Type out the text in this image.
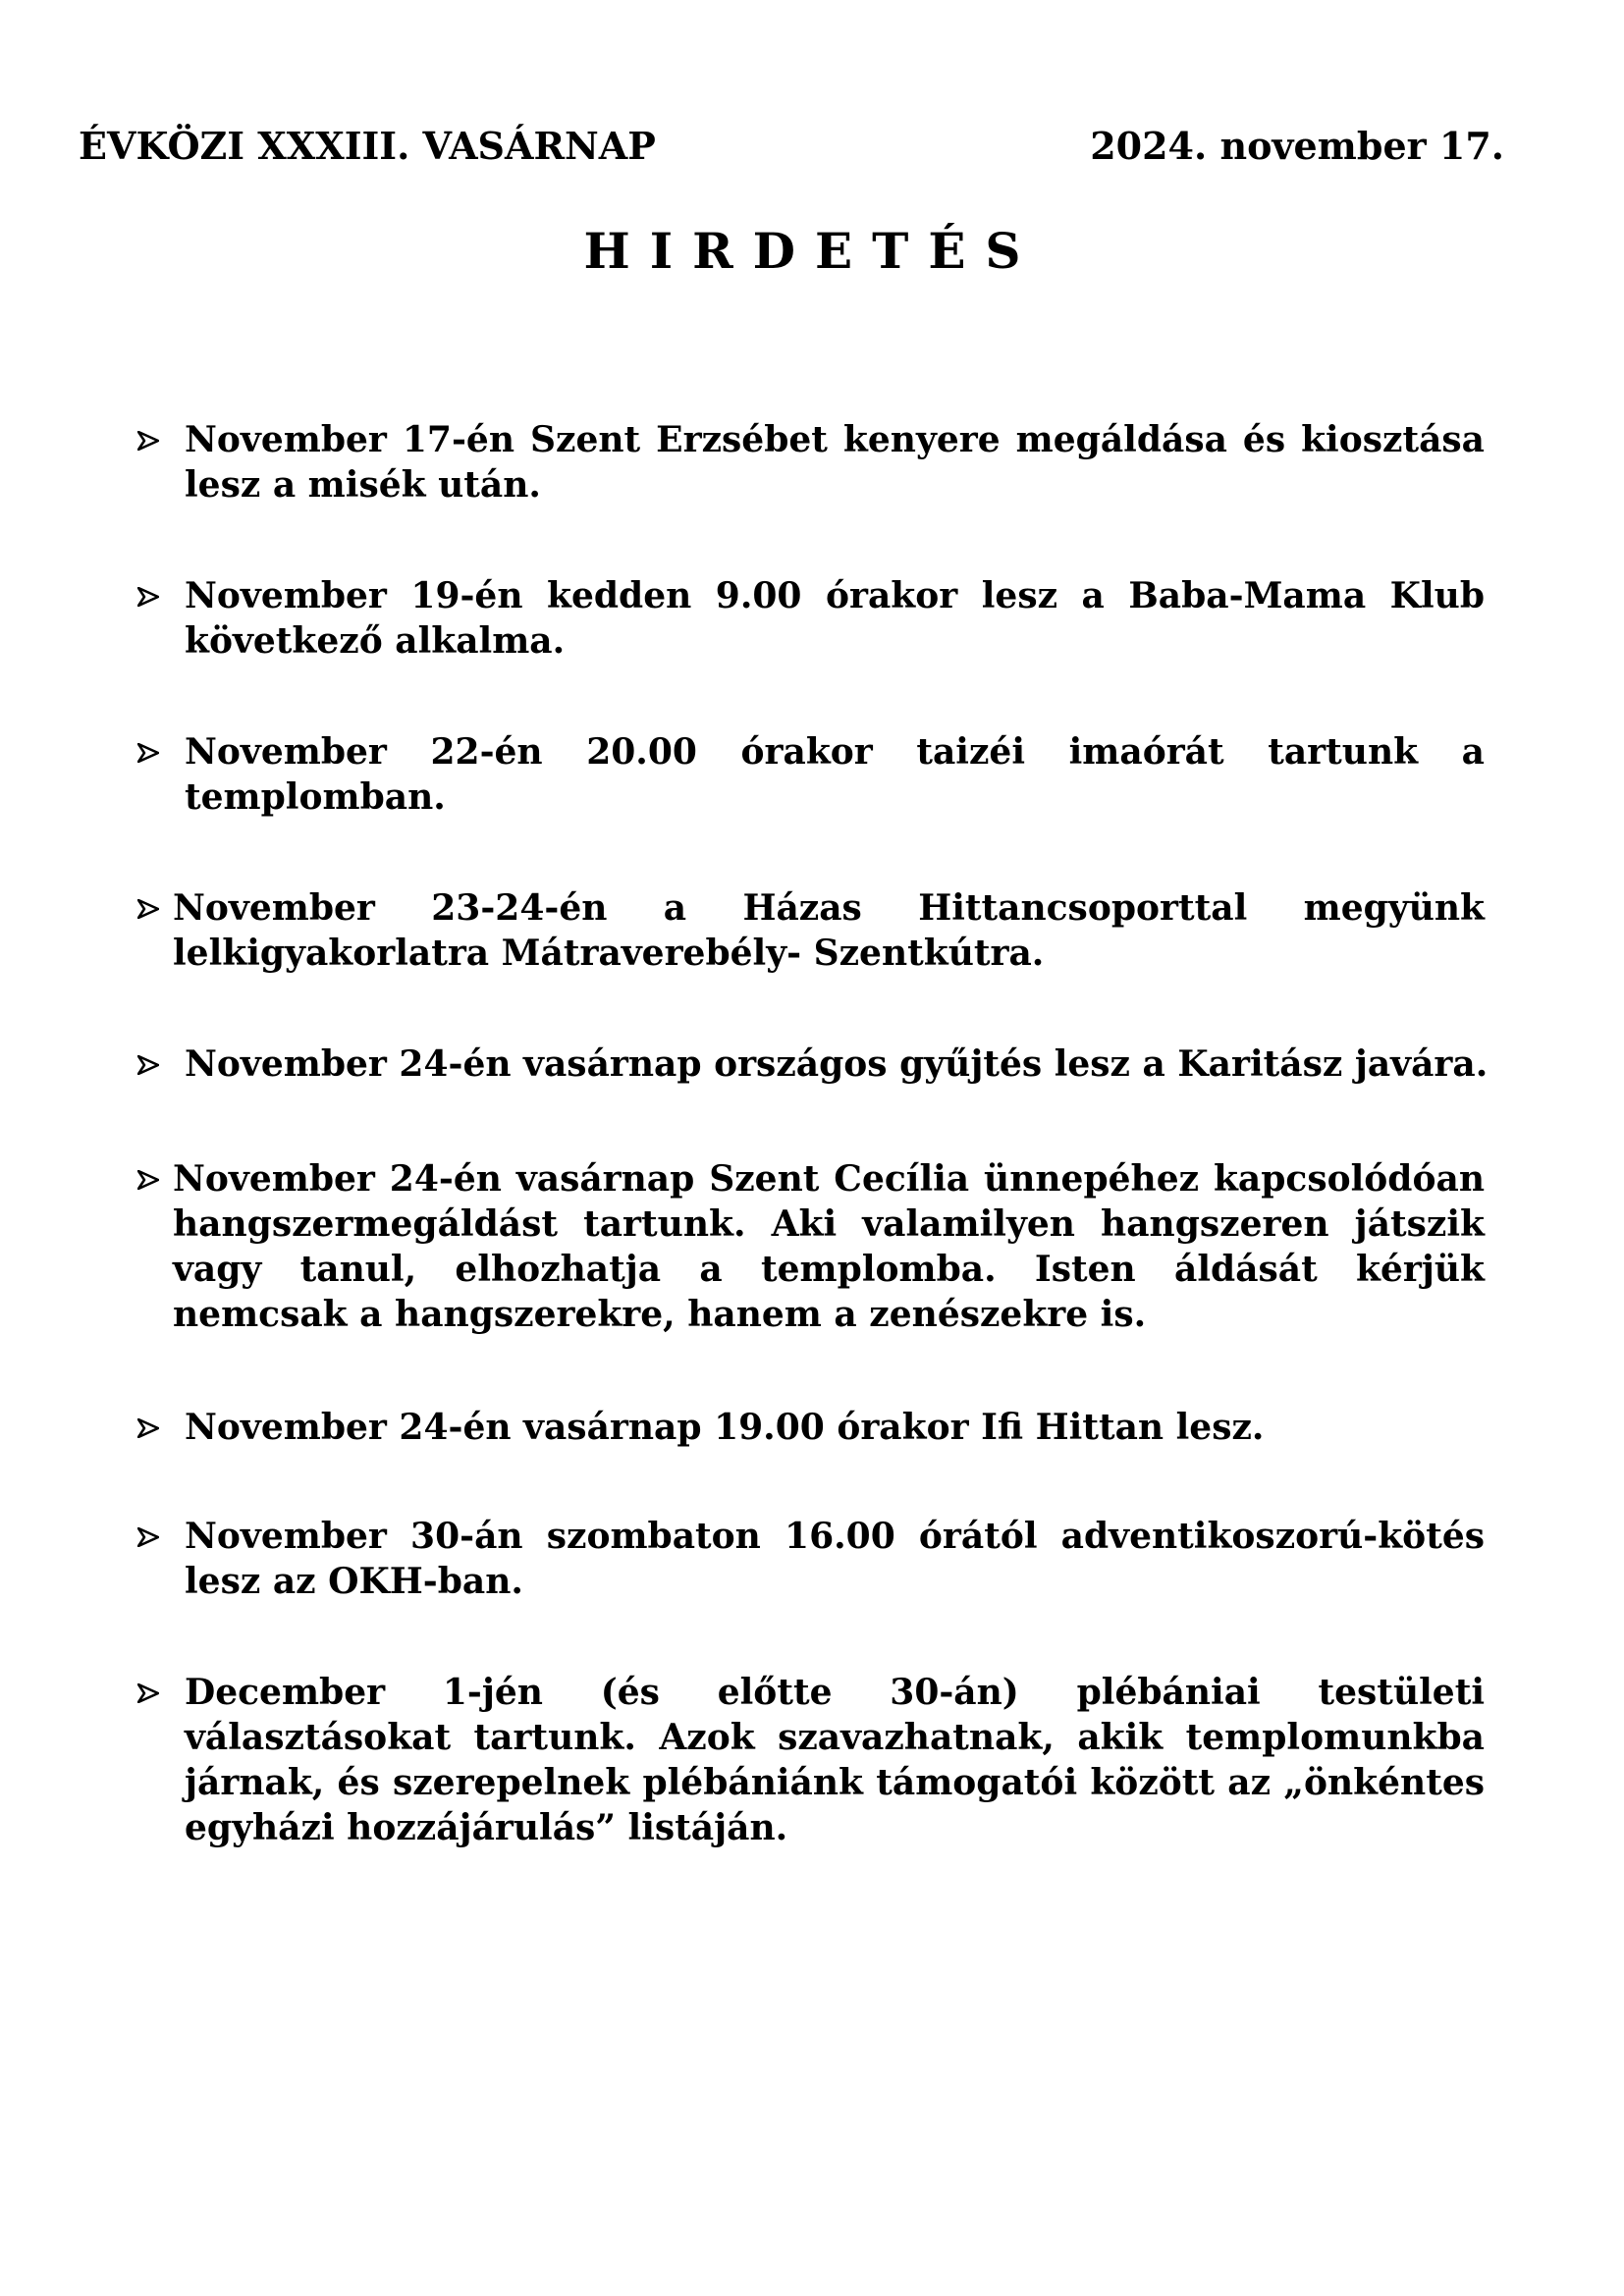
ÉVKÖZI XXXIII. VASÁRNAP	2024. november 17.
HIRDETÉS
November 17-én Szent Erzsébet kenyere megáldása és kiosztása lesz a misék után.
November 19-én kedden 9.00 órakor lesz a Baba-Mama Klub következő alkalma.
November 22-én 20.00 órakor taizéi imaórát tartunk a templomban.
November 23-24-én a Házas Hittancsoporttal megyünk lelkigyakorlatra Mátraverebély- Szentkútra.
November 24-én vasárnap országos gyűjtés lesz a Karitász javára.
November 24-én vasárnap Szent Cecília ünnepéhez kapcsolódóan hangszermegáldást tartunk. Aki valamilyen hangszeren játszik vagy tanul, elhozhatja a templomba. Isten áldását kérjük nemcsak a hangszerekre, hanem a zenészekre is.
November 24-én vasárnap 19.00 órakor Ifi Hittan lesz.
November 30-án szombaton 16.00 órától adventikoszorú-kötés lesz az OKH-ban.
December 1-jén (és előtte 30-án) plébániai testületi választásokat tartunk. Azok szavazhatnak, akik templomunkba járnak, és szerepelnek plébániánk támogatói között az „önkéntes egyházi hozzájárulás” listáján.
